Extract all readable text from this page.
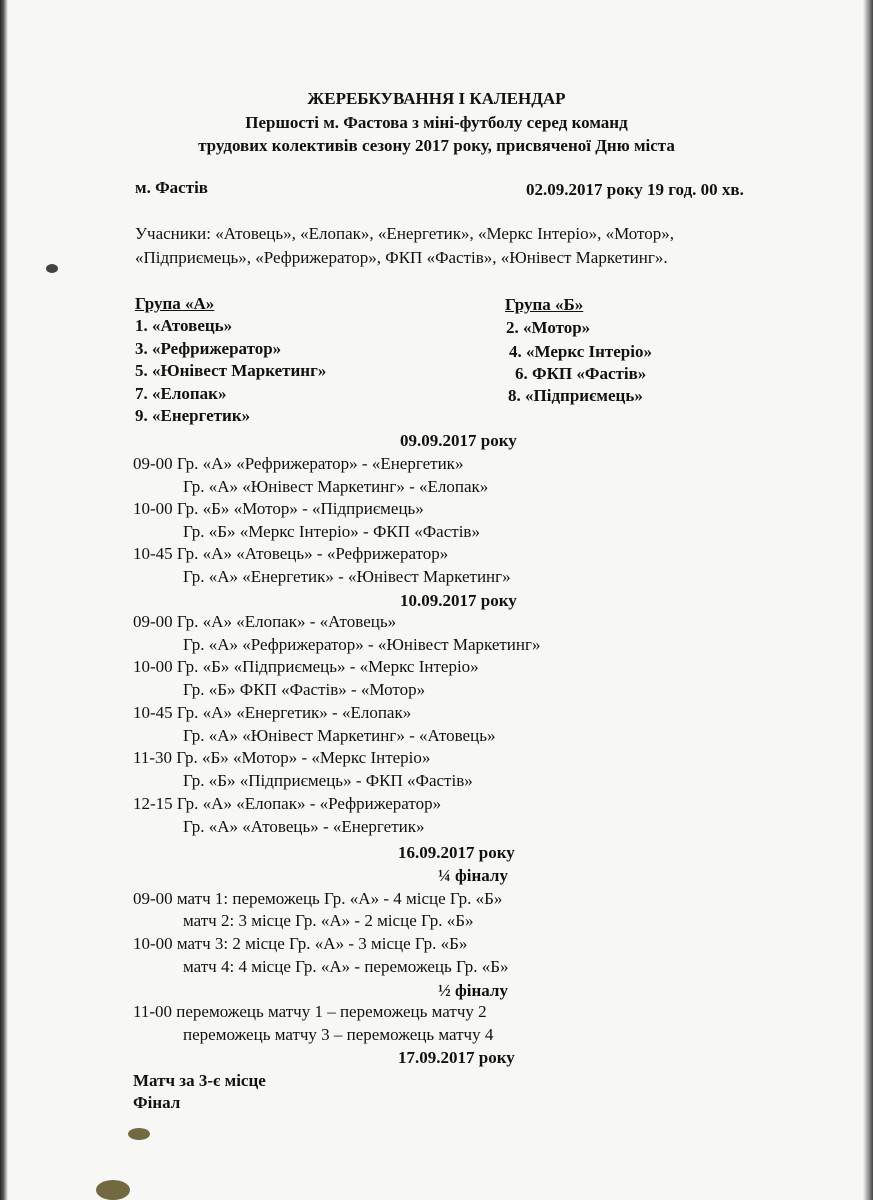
ЖЕРЕБКУВАННЯ І КАЛЕНДАР
Першості м. Фастова з міні-футболу серед команд
трудових колективів сезону 2017 року, присвяченої Дню міста
м. Фастів	02.09.2017 року 19 год. 00 хв.
Учасники: «Атовець», «Елопак», «Енергетик», «Меркс Інтеріо», «Мотор»,
«Підприємець», «Рефрижератор», ФКП «Фастів», «Юнівест Маркетинг».
Група «А»
1. «Атовець»
3. «Рефрижератор»
5. «Юнівест Маркетинг»
7. «Елопак»
9. «Енергетик»
Група «Б»
2. «Мотор»
4. «Меркс Інтеріо»
6. ФКП «Фастів»
8. «Підприємець»
09.09.2017 року
09-00 Гр. «А» «Рефрижератор» - «Енергетик»
Гр. «А» «Юнівест Маркетинг» - «Елопак»
10-00 Гр. «Б» «Мотор» - «Підприємець»
Гр. «Б» «Меркс Інтеріо» - ФКП «Фастів»
10-45 Гр. «А» «Атовець» - «Рефрижератор»
Гр. «А» «Енергетик» - «Юнівест Маркетинг»
10.09.2017 року
09-00 Гр. «А» «Елопак» - «Атовець»
Гр. «А» «Рефрижератор» - «Юнівест Маркетинг»
10-00 Гр. «Б» «Підприємець» - «Меркс Інтеріо»
Гр. «Б» ФКП «Фастів» - «Мотор»
10-45 Гр. «А» «Енергетик» - «Елопак»
Гр. «А» «Юнівест Маркетинг» - «Атовець»
11-30 Гр. «Б» «Мотор» - «Меркс Інтеріо»
Гр. «Б» «Підприємець» - ФКП «Фастів»
12-15 Гр. «А» «Елопак» - «Рефрижератор»
Гр. «А» «Атовець» - «Енергетик»
16.09.2017 року
¼ фіналу
09-00 матч 1: переможець Гр. «А» - 4 місце Гр. «Б»
матч 2: 3 місце Гр. «А» - 2 місце Гр. «Б»
10-00 матч 3: 2 місце Гр. «А» - 3 місце Гр. «Б»
матч 4: 4 місце Гр. «А» - переможець Гр. «Б»
½ фіналу
11-00 переможець матчу 1 – переможець матчу 2
переможець матчу 3 – переможець матчу 4
17.09.2017 року
Матч за 3-є місце
Фінал
